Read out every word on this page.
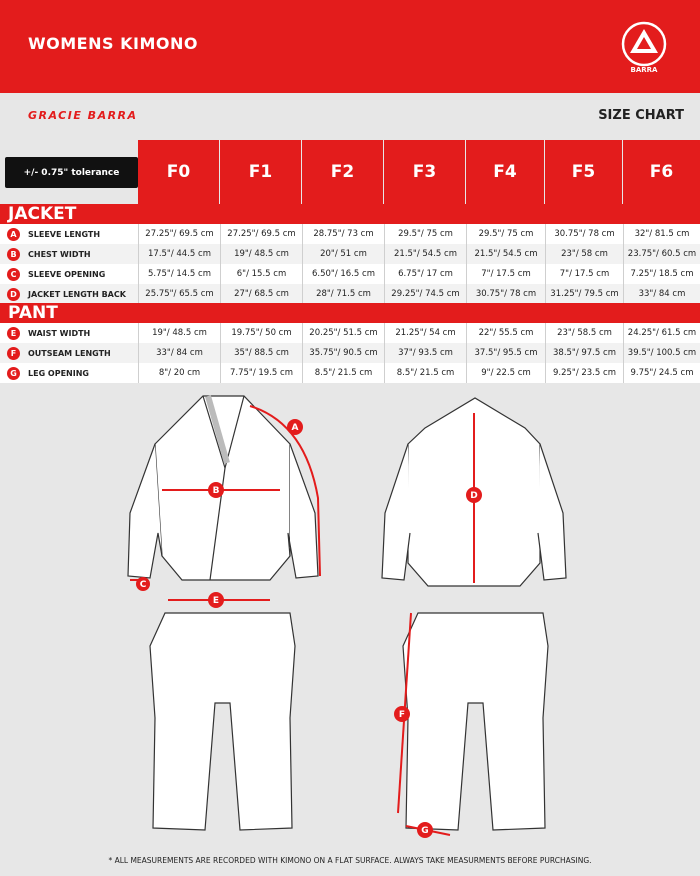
WOMENS KIMONO
BARRA
GRACIE BARRA	SIZE CHART
+/- 0.75" tolerance	F0	F1	F2	F3	F4	F5	F6
JACKET
A	SLEEVE LENGTH	27.25"/ 69.5 cm	27.25"/ 69.5 cm	28.75"/ 73 cm	29.5"/ 75 cm	29.5"/ 75 cm	30.75"/ 78 cm	32"/ 81.5 cm
B	CHEST WIDTH	17.5"/ 44.5 cm	19"/ 48.5 cm	20"/ 51 cm	21.5"/ 54.5 cm	21.5"/ 54.5 cm	23"/ 58 cm	23.75"/ 60.5 cm
C	SLEEVE OPENING	5.75"/ 14.5 cm	6"/ 15.5 cm	6.50"/ 16.5 cm	6.75"/ 17 cm	7"/ 17.5 cm	7"/ 17.5 cm	7.25"/ 18.5 cm
D	JACKET LENGTH BACK	25.75"/ 65.5 cm	27"/ 68.5 cm	28"/ 71.5 cm	29.25"/ 74.5 cm	30.75"/ 78 cm	31.25"/ 79.5 cm	33"/ 84 cm
PANT
E	WAIST WIDTH	19"/ 48.5 cm	19.75"/ 50 cm	20.25"/ 51.5 cm	21.25"/ 54 cm	22"/ 55.5 cm	23"/ 58.5 cm	24.25"/ 61.5 cm
F	OUTSEAM LENGTH	33"/ 84 cm	35"/ 88.5 cm	35.75"/ 90.5 cm	37"/ 93.5 cm	37.5"/ 95.5 cm	38.5"/ 97.5 cm	39.5"/ 100.5 cm
G	LEG OPENING	8"/ 20 cm	7.75"/ 19.5 cm	8.5"/ 21.5 cm	8.5"/ 21.5 cm	9"/ 22.5 cm	9.25"/ 23.5 cm	9.75"/ 24.5 cm
A
B
C
D
E
F
G
* ALL MEASUREMENTS ARE RECORDED WITH KIMONO ON A FLAT SURFACE. ALWAYS TAKE MEASURMENTS BEFORE PURCHASING.
